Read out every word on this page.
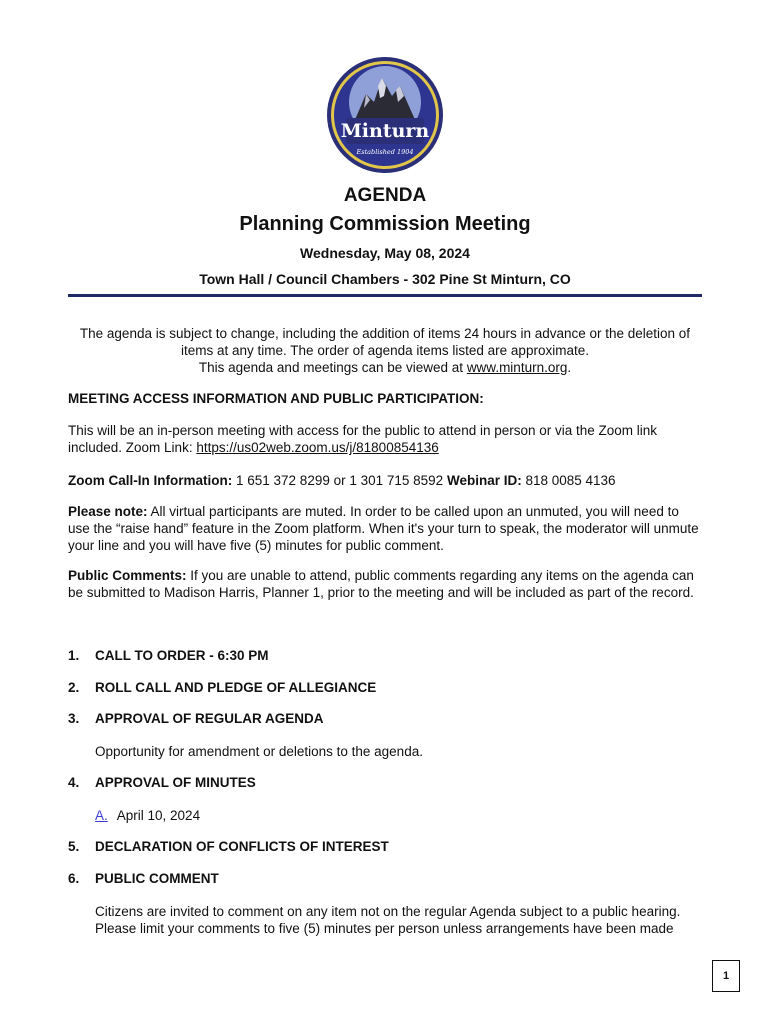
Minturn
Established 1904
AGENDA
Planning Commission Meeting
Wednesday, May 08, 2024
Town Hall / Council Chambers - 302 Pine St Minturn, CO
The agenda is subject to change, including the addition of items 24 hours in advance or the deletion of
items at any time. The order of agenda items listed are approximate.
This agenda and meetings can be viewed at www.minturn.org.
MEETING ACCESS INFORMATION AND PUBLIC PARTICIPATION:
This will be an in-person meeting with access for the public to attend in person or via the Zoom link included. Zoom Link: https://us02web.zoom.us/j/81800854136
Zoom Call-In Information: 1 651 372 8299 or 1 301 715 8592 Webinar ID: 818 0085 4136
Please note: All virtual participants are muted. In order to be called upon an unmuted, you will need to use the “raise hand” feature in the Zoom platform. When it's your turn to speak, the moderator will unmute your line and you will have five (5) minutes for public comment.
Public Comments: If you are unable to attend, public comments regarding any items on the agenda can be submitted to Madison Harris, Planner 1, prior to the meeting and will be included as part of the record.
1.	CALL TO ORDER - 6:30 PM
2.	ROLL CALL AND PLEDGE OF ALLEGIANCE
3.	APPROVAL OF REGULAR AGENDA
Opportunity for amendment or deletions to the agenda.
4.	APPROVAL OF MINUTES
A. April 10, 2024
5.	DECLARATION OF CONFLICTS OF INTEREST
6.	PUBLIC COMMENT
Citizens are invited to comment on any item not on the regular Agenda subject to a public hearing. Please limit your comments to five (5) minutes per person unless arrangements have been made
1
